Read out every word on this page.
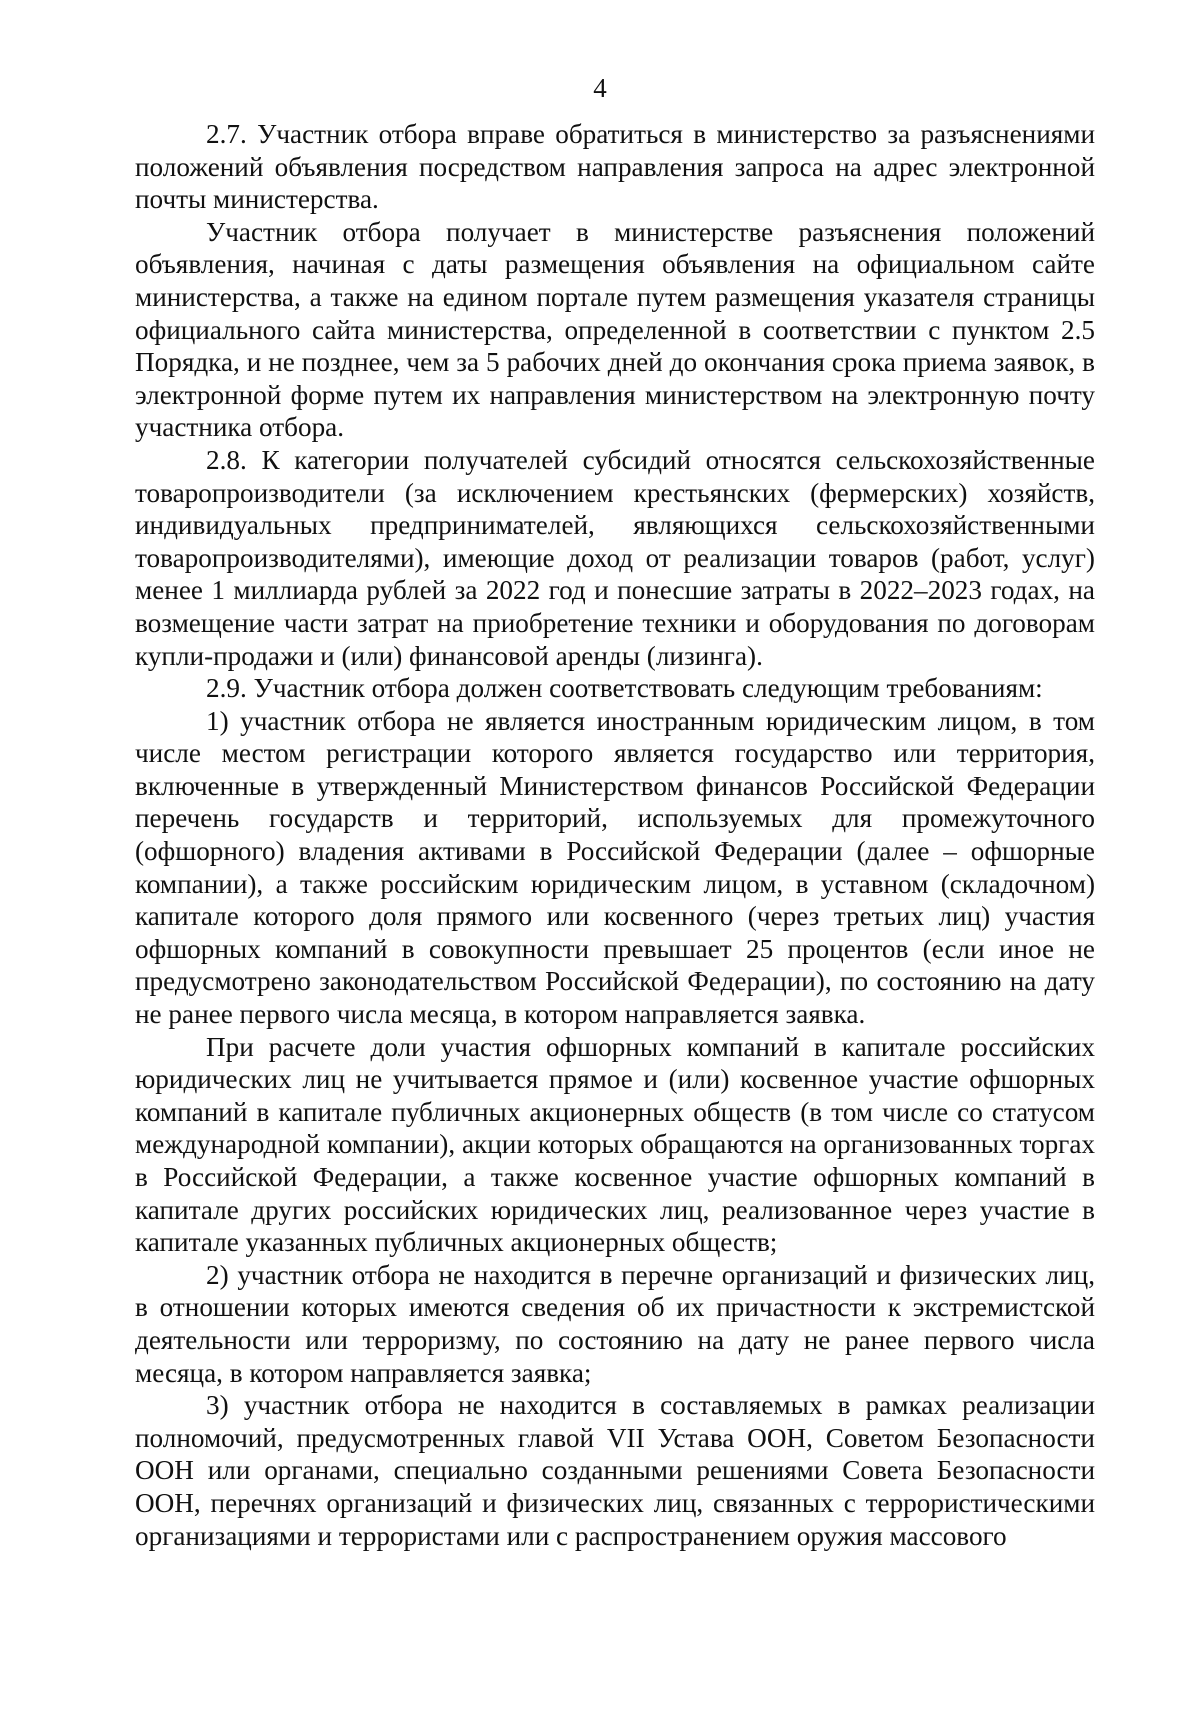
4

2.7. Участник отбора вправе обратиться в министерство за разъяснениями положений объявления посредством направления запроса на адрес электронной почты министерства.

Участник отбора получает в министерстве разъяснения положений объявления, начиная с даты размещения объявления на официальном сайте министерства, а также на едином портале путем размещения указателя страницы официального сайта министерства, определенной в соответствии с пунктом 2.5 Порядка, и не позднее, чем за 5 рабочих дней до окончания срока приема заявок, в электронной форме путем их направления министерством на электронную почту участника отбора.

2.8. К категории получателей субсидий относятся сельскохозяйственные товаропроизводители (за исключением крестьянских (фермерских) хозяйств, индивидуальных предпринимателей, являющихся сельскохозяйственными товаропроизводителями), имеющие доход от реализации товаров (работ, услуг) менее 1 миллиарда рублей за 2022 год и понесшие затраты в 2022–2023 годах, на возмещение части затрат на приобретение техники и оборудования по договорам купли-продажи и (или) финансовой аренды (лизинга).

2.9. Участник отбора должен соответствовать следующим требованиям:

1) участник отбора не является иностранным юридическим лицом, в том числе местом регистрации которого является государство или территория, включенные в утвержденный Министерством финансов Российской Федерации перечень государств и территорий, используемых для промежуточного (офшорного) владения активами в Российской Федерации (далее – офшорные компании), а также российским юридическим лицом, в уставном (складочном) капитале которого доля прямого или косвенного (через третьих лиц) участия офшорных компаний в совокупности превышает 25 процентов (если иное не предусмотрено законодательством Российской Федерации), по состоянию на дату не ранее первого числа месяца, в котором направляется заявка.

При расчете доли участия офшорных компаний в капитале российских юридических лиц не учитывается прямое и (или) косвенное участие офшорных компаний в капитале публичных акционерных обществ (в том числе со статусом международной компании), акции которых обращаются на организованных торгах в Российской Федерации, а также косвенное участие офшорных компаний в капитале других российских юридических лиц, реализованное через участие в капитале указанных публичных акционерных обществ;

2) участник отбора не находится в перечне организаций и физических лиц, в отношении которых имеются сведения об их причастности к экстремистской деятельности или терроризму, по состоянию на дату не ранее первого числа месяца, в котором направляется заявка;

3) участник отбора не находится в составляемых в рамках реализации полномочий, предусмотренных главой VII Устава ООН, Советом Безопасности ООН или органами, специально созданными решениями Совета Безопасности ООН, перечнях организаций и физических лиц, связанных с террористическими организациями и террористами или с распространением оружия массового
